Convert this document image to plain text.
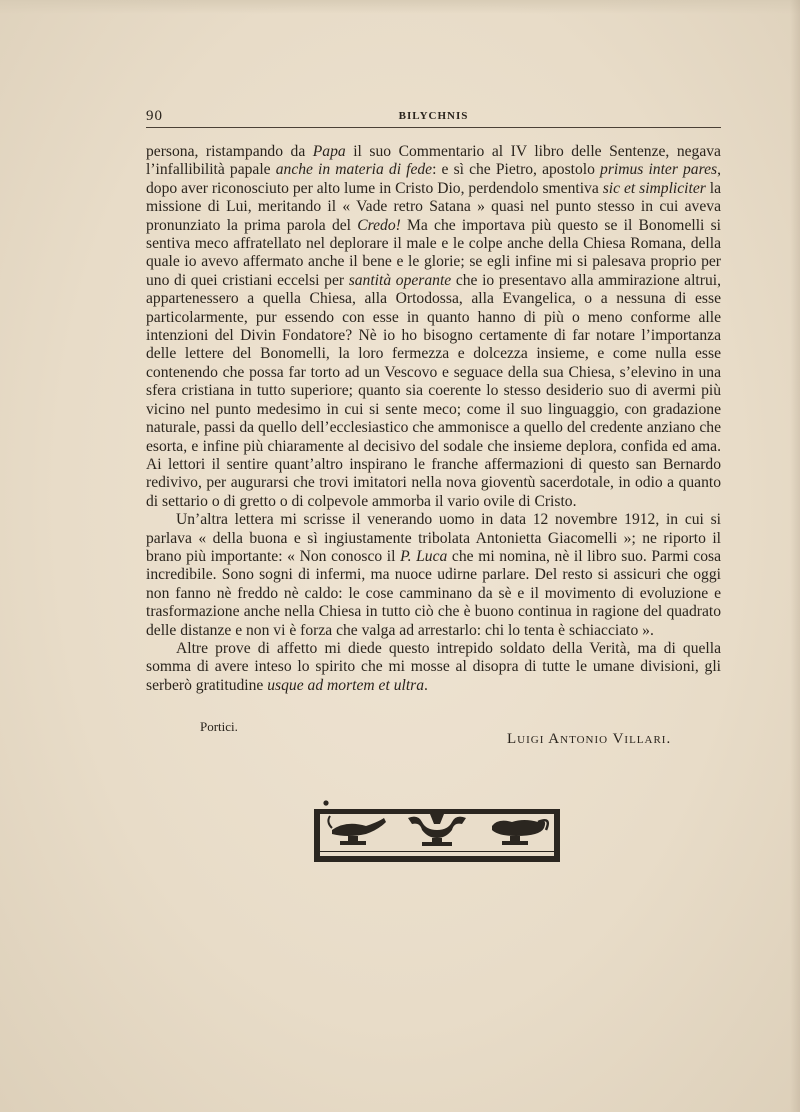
90	BILYCHNIS

persona, ristampando da Papa il suo Commentario al IV libro delle Sentenze, negava l’infallibilità papale anche in materia di fede: e sì che Pietro, apostolo primus inter pares, dopo aver riconosciuto per alto lume in Cristo Dio, perdendolo smentiva sic et simpliciter la missione di Lui, meritando il « Vade retro Satana » quasi nel punto stesso in cui aveva pronunziato la prima parola del Credo! Ma che importava più questo se il Bonomelli si sentiva meco affratellato nel deplorare il male e le colpe anche della Chiesa Romana, della quale io avevo affermato anche il bene e le glorie; se egli infine mi si palesava proprio per uno di quei cristiani eccelsi per santità operante che io presentavo alla ammirazione altrui, appartenessero a quella Chiesa, alla Ortodossa, alla Evangelica, o a nessuna di esse particolarmente, pur essendo con esse in quanto hanno di più o meno conforme alle intenzioni del Divin Fondatore? Nè io ho bisogno certamente di far notare l’importanza delle lettere del Bonomelli, la loro fermezza e dolcezza insieme, e come nulla esse contenendo che possa far torto ad un Vescovo e seguace della sua Chiesa, s’elevino in una sfera cristiana in tutto superiore; quanto sia coerente lo stesso desiderio suo di avermi più vicino nel punto medesimo in cui si sente meco; come il suo linguaggio, con gradazione naturale, passi da quello dell’ecclesiastico che ammonisce a quello del credente anziano che esorta, e infine più chiaramente al decisivo del sodale che insieme deplora, confida ed ama. Ai lettori il sentire quant’altro inspirano le franche affermazioni di questo san Bernardo redivivo, per augurarsi che trovi imitatori nella nova gioventù sacerdotale, in odio a quanto di settario o di gretto o di colpevole ammorba il vario ovile di Cristo.

Un’altra lettera mi scrisse il venerando uomo in data 12 novembre 1912, in cui si parlava « della buona e sì ingiustamente tribolata Antonietta Giacomelli »; ne riporto il brano più importante: « Non conosco il P. Luca che mi nomina, nè il libro suo. Parmi cosa incredibile. Sono sogni di infermi, ma nuoce udirne parlare. Del resto si assicuri che oggi non fanno nè freddo nè caldo: le cose camminano da sè e il movimento di evoluzione e trasformazione anche nella Chiesa in tutto ciò che è buono continua in ragione del quadrato delle distanze e non vi è forza che valga ad arrestarlo: chi lo tenta è schiacciato ».

Altre prove di affetto mi diede questo intrepido soldato della Verità, ma di quella somma di avere inteso lo spirito che mi mosse al disopra di tutte le umane divisioni, gli serberò gratitudine usque ad mortem et ultra.

Portici.
Luigi Antonio Villari.
